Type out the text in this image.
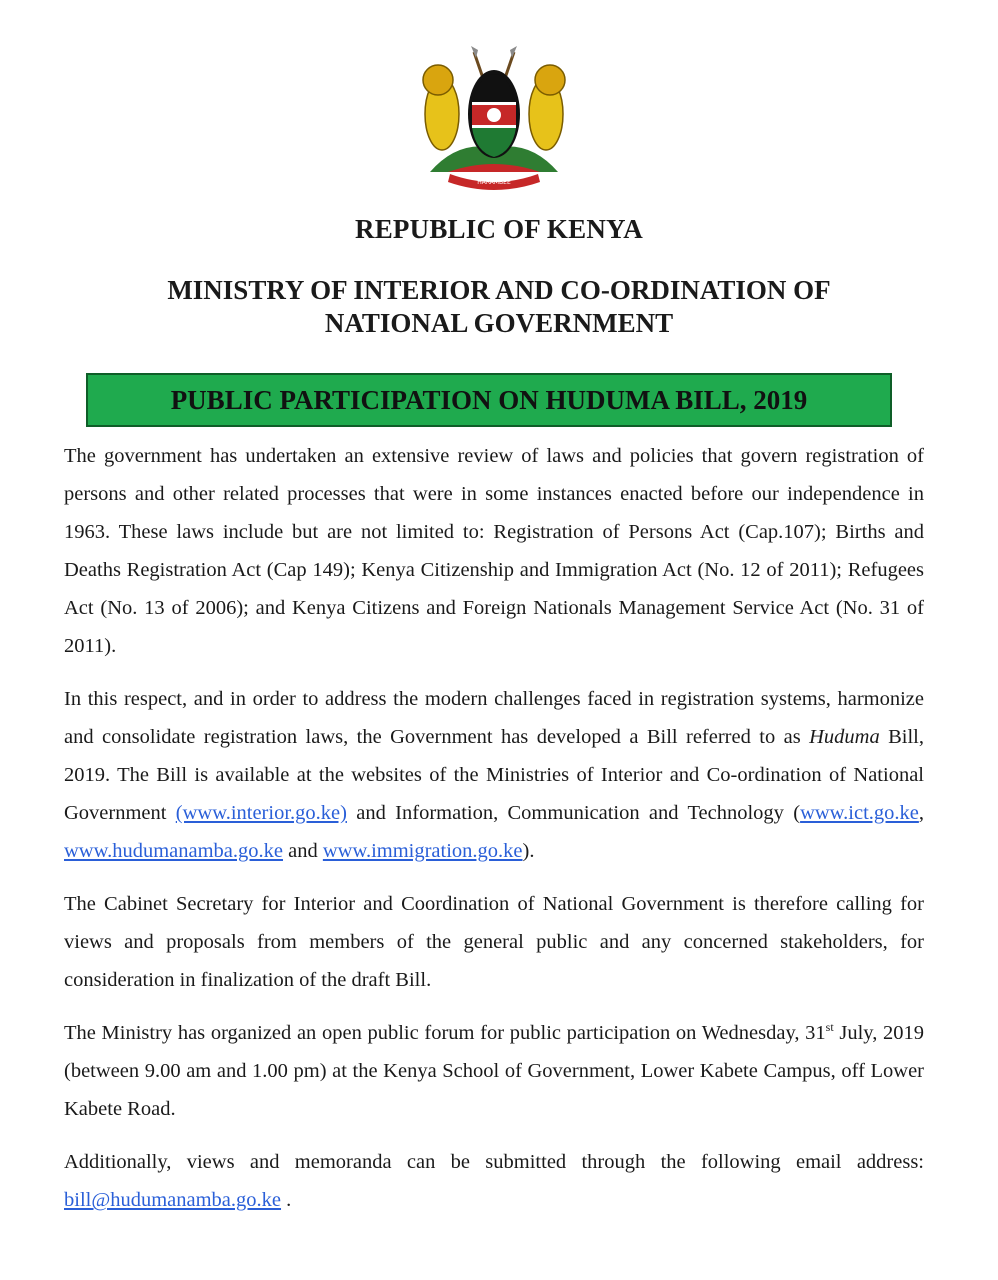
HARAMBEE
REPUBLIC OF KENYA
MINISTRY OF INTERIOR AND CO-ORDINATION OF
NATIONAL GOVERNMENT
PUBLIC PARTICIPATION ON HUDUMA BILL, 2019

The government has undertaken an extensive review of laws and policies that govern registration of persons and other related processes that were in some instances enacted before our independence in 1963. These laws include but are not limited to: Registration of Persons Act (Cap.107); Births and Deaths Registration Act (Cap 149); Kenya Citizenship and Immigration Act (No. 12 of 2011); Refugees Act (No. 13 of 2006); and Kenya Citizens and Foreign Nationals Management Service Act (No. 31 of 2011).

In this respect, and in order to address the modern challenges faced in registration systems, harmonize and consolidate registration laws, the Government has developed a Bill referred to as Huduma Bill, 2019. The Bill is available at the websites of the Ministries of Interior and Co-ordination of National Government (www.interior.go.ke) and Information, Communication and Technology (www.ict.go.ke, www.hudumanamba.go.ke and www.immigration.go.ke).

The Cabinet Secretary for Interior and Coordination of National Government is therefore calling for views and proposals from members of the general public and any concerned stakeholders, for consideration in finalization of the draft Bill.

The Ministry has organized an open public forum for public participation on Wednesday, 31st July, 2019 (between 9.00 am and 1.00 pm) at the Kenya School of Government, Lower Kabete Campus, off Lower Kabete Road.

Additionally, views and memoranda can be submitted through the following email address: bill@hudumanamba.go.ke .
